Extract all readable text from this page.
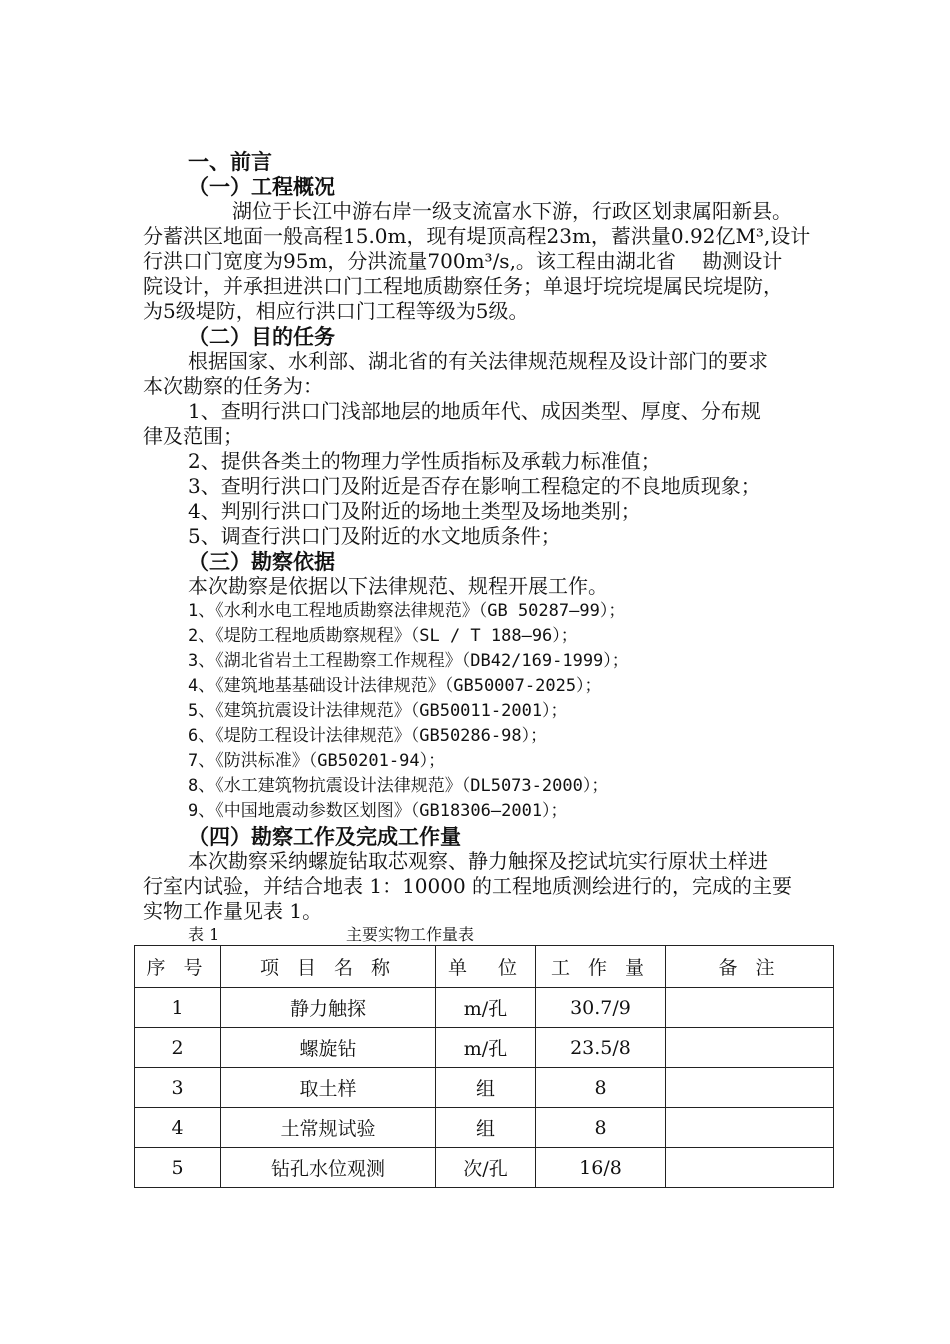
一、前言
（一）工程概况
湖位于长江中游右岸一级支流富水下游，行政区划隶属阳新县。
分蓄洪区地面一般高程15.0m，现有堤顶高程23m，蓄洪量0.92亿M³,设计
行洪口门宽度为95m，分洪流量700m³/s,。该工程由湖北省　 勘测设计
院设计，并承担进洪口门工程地质勘察任务；单退圩垸垸堤属民垸堤防，
为5级堤防，相应行洪口门工程等级为5级。
（二）目的任务
根据国家、水利部、湖北省的有关法律规范规程及设计部门的要求
本次勘察的任务为：
1、查明行洪口门浅部地层的地质年代、成因类型、厚度、分布规
律及范围；
2、提供各类土的物理力学性质指标及承载力标准值；
3、查明行洪口门及附近是否存在影响工程稳定的不良地质现象；
4、判别行洪口门及附近的场地土类型及场地类别；
5、调查行洪口门及附近的水文地质条件；
（三）勘察依据
本次勘察是依据以下法律规范、规程开展工作。
1、《水利水电工程地质勘察法律规范》（GB 50287—99）；
2、《堤防工程地质勘察规程》（SL / T 188—96）；
3、《湖北省岩土工程勘察工作规程》（DB42/169-1999）；
4、《建筑地基基础设计法律规范》（GB50007-2025）；
5、《建筑抗震设计法律规范》（GB50011-2001）；
6、《堤防工程设计法律规范》（GB50286-98）；
7、《防洪标准》（GB50201-94）；
8、《水工建筑物抗震设计法律规范》（DL5073-2000）；
9、《中国地震动参数区划图》（GB18306—2001）；
（四）勘察工作及完成工作量
本次勘察采纳螺旋钻取芯观察、静力触探及挖试坑实行原状土样进
行室内试验，并结合地表 1：10000 的工程地质测绘进行的，完成的主要
实物工作量见表 1。
表 1	主要实物工作量表
序 号	项 目 名 称	单　位	工 作 量	备 注
1	静力触探	m/孔	30.7/9	
2	螺旋钻	m/孔	23.5/8	
3	取土样	组	8	
4	土常规试验	组	8	
5	钻孔水位观测	次/孔	16/8	
